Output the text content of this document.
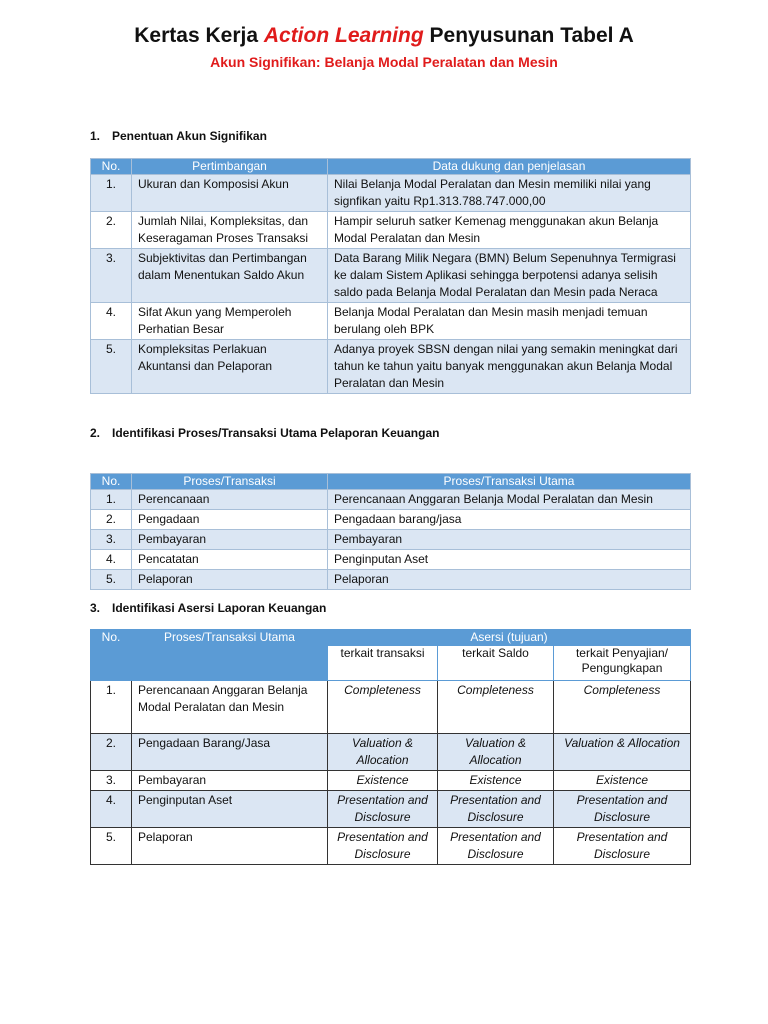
Kertas Kerja Action Learning Penyusunan Tabel A
Akun Signifikan: Belanja Modal Peralatan dan Mesin
1. Penentuan Akun Signifikan
No.	Pertimbangan	Data dukung dan penjelasan
1.	Ukuran dan Komposisi Akun	Nilai Belanja Modal Peralatan dan Mesin memiliki nilai yang signfikan yaitu Rp1.313.788.747.000,00
2.	Jumlah Nilai, Kompleksitas, dan Keseragaman Proses Transaksi	Hampir seluruh satker Kemenag menggunakan akun Belanja Modal Peralatan dan Mesin
3.	Subjektivitas dan Pertimbangan dalam Menentukan Saldo Akun	Data Barang Milik Negara (BMN) Belum Sepenuhnya Termigrasi ke dalam Sistem Aplikasi sehingga berpotensi adanya selisih saldo pada Belanja Modal Peralatan dan Mesin pada Neraca
4.	Sifat Akun yang Memperoleh Perhatian Besar	Belanja Modal Peralatan dan Mesin masih menjadi temuan berulang oleh BPK
5.	Kompleksitas Perlakuan Akuntansi dan Pelaporan	Adanya proyek SBSN dengan nilai yang semakin meningkat dari tahun ke tahun yaitu banyak menggunakan akun Belanja Modal Peralatan dan Mesin
2. Identifikasi Proses/Transaksi Utama Pelaporan Keuangan
No.	Proses/Transaksi	Proses/Transaksi Utama
1.	Perencanaan	Perencanaan Anggaran Belanja Modal Peralatan dan Mesin
2.	Pengadaan	Pengadaan barang/jasa
3.	Pembayaran	Pembayaran
4.	Pencatatan	Penginputan Aset
5.	Pelaporan	Pelaporan
3. Identifikasi Asersi Laporan Keuangan
No.	Proses/Transaksi Utama	Asersi (tujuan)		
		terkait transaksi	terkait Saldo	terkait Penyajian/ Pengungkapan
1.	Perencanaan Anggaran Belanja Modal Peralatan dan Mesin	Completeness	Completeness	Completeness
2.	Pengadaan Barang/Jasa	Valuation & Allocation	Valuation & Allocation	Valuation & Allocation
3.	Pembayaran	Existence	Existence	Existence
4.	Penginputan Aset	Presentation and Disclosure	Presentation and Disclosure	Presentation and Disclosure
5.	Pelaporan	Presentation and Disclosure	Presentation and Disclosure	Presentation and Disclosure
